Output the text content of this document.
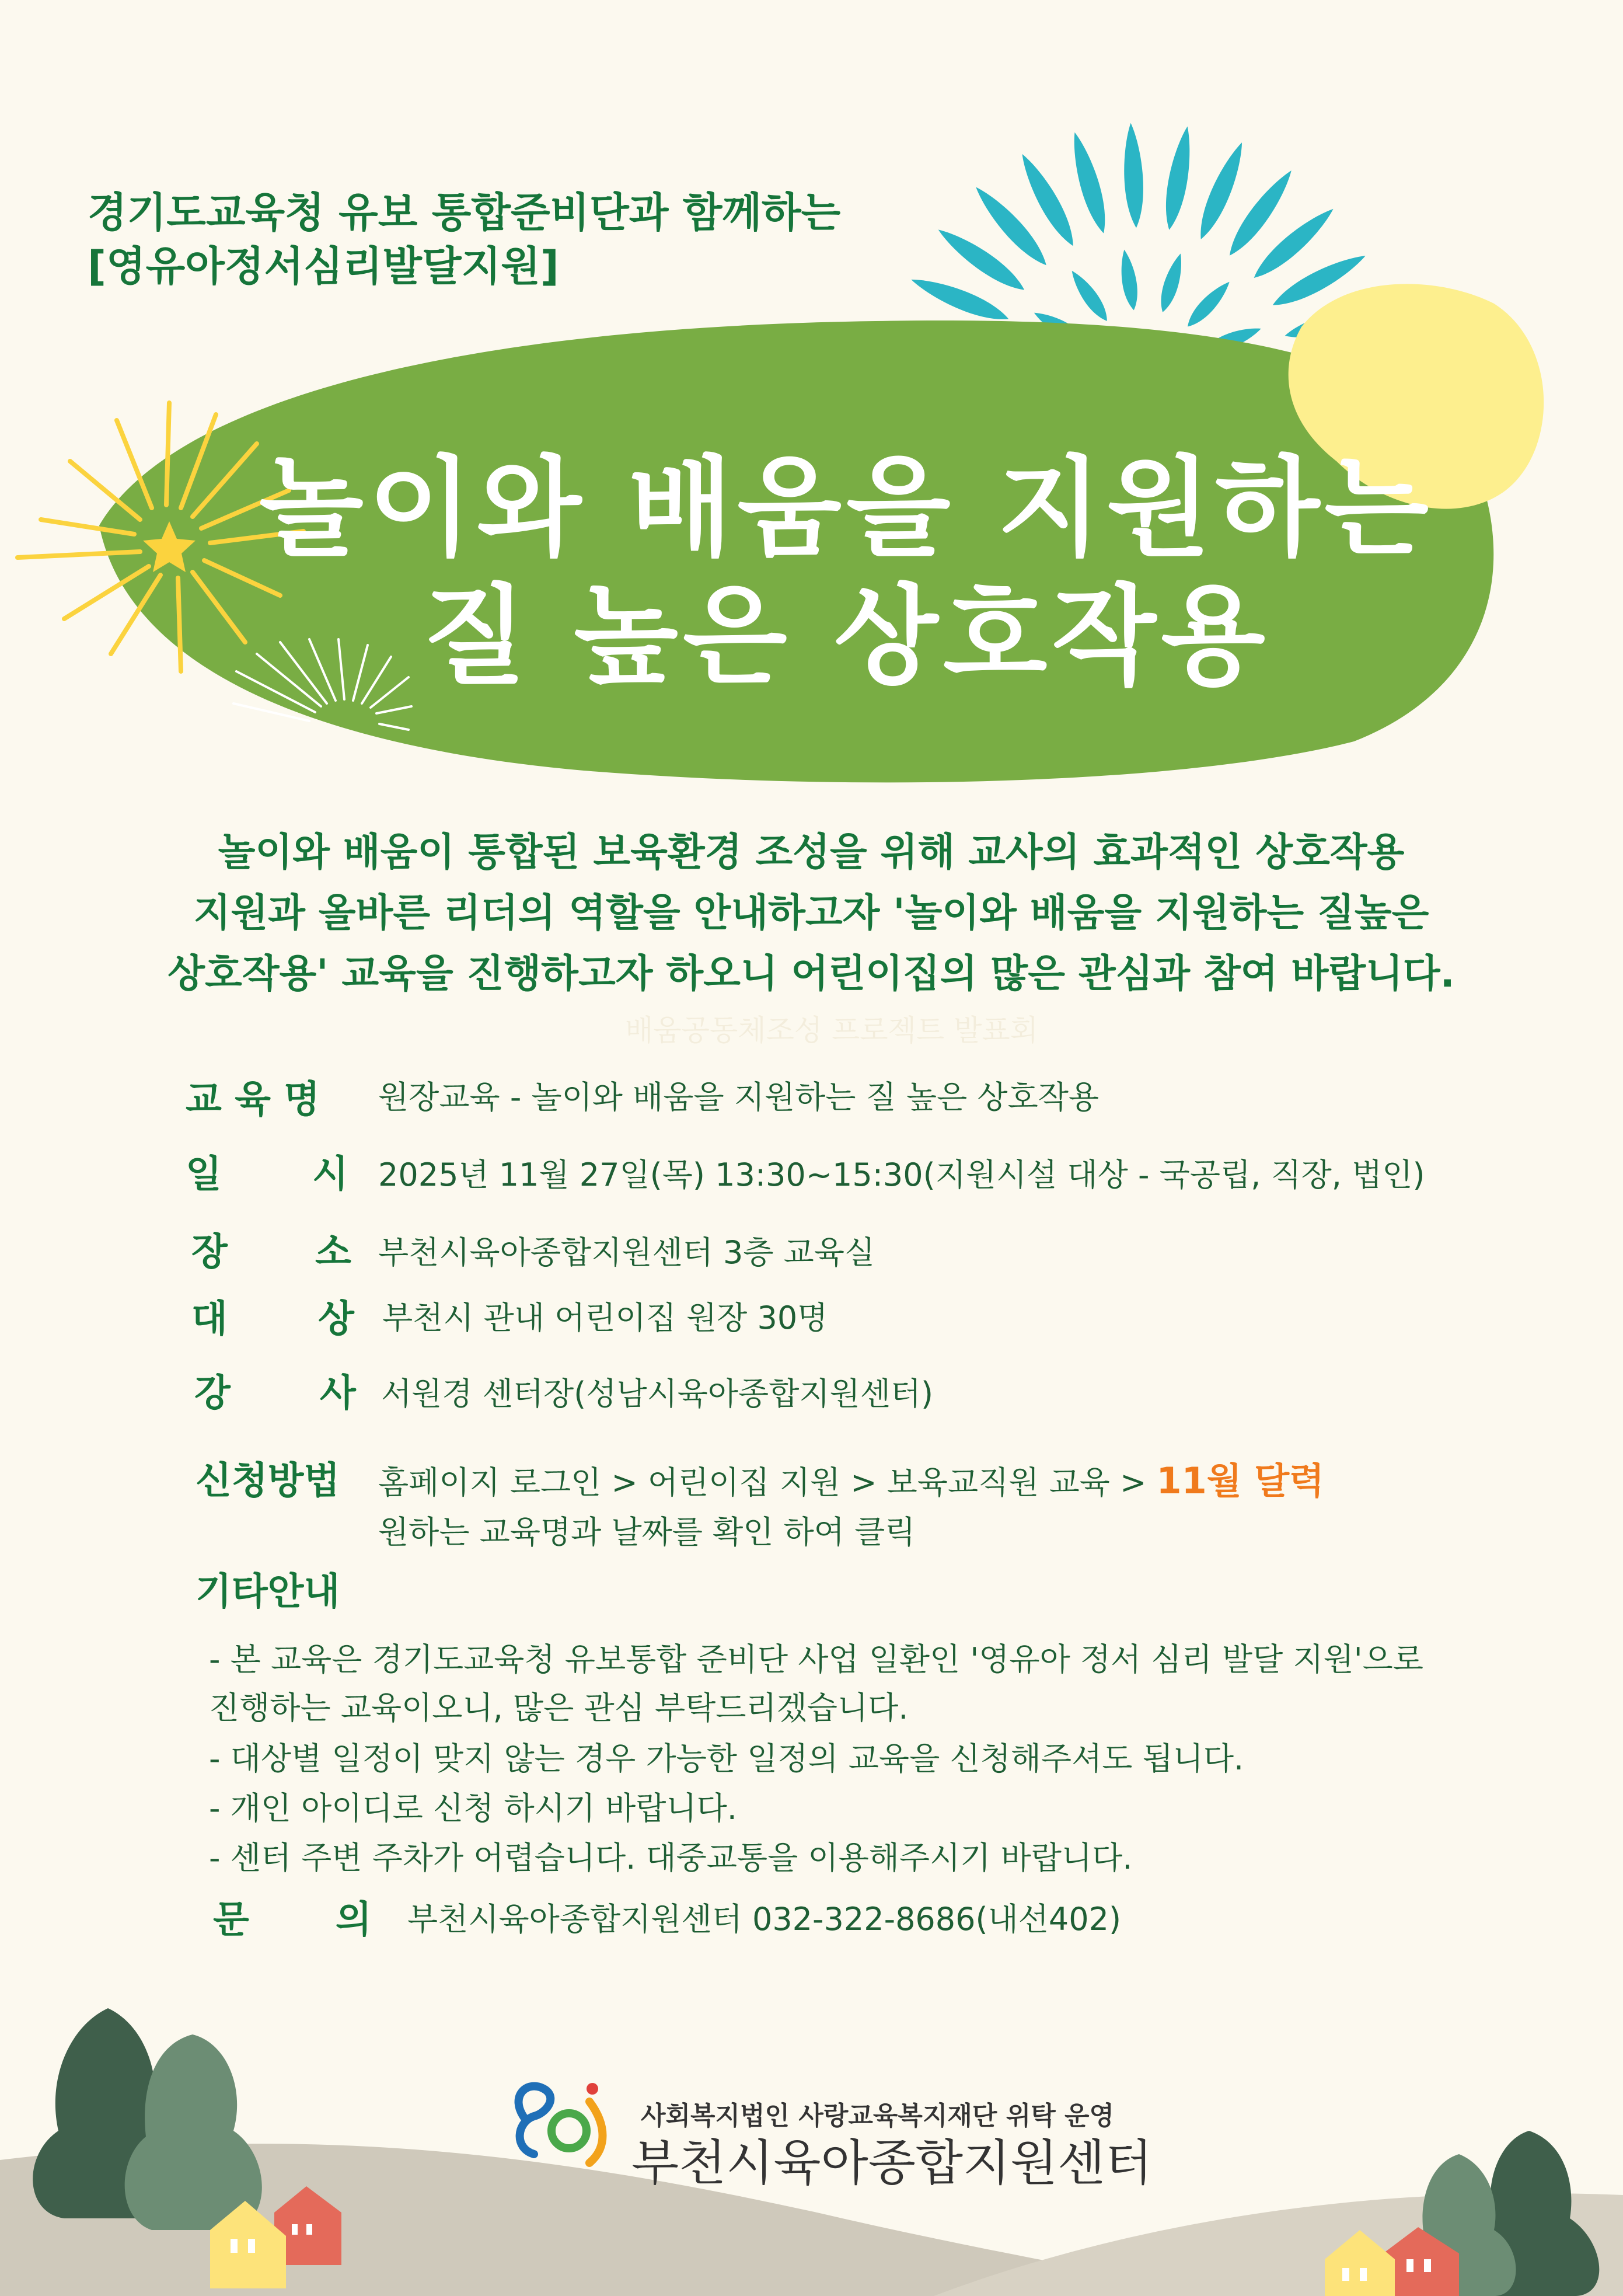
경기도교육청 유보 통합준비단과 함께하는
[영유아정서심리발달지원]
놀이와 배움을 지원하는
질 높은 상호작용
놀이와 배움이 통합된 보육환경 조성을 위해 교사의 효과적인 상호작용
지원과 올바른 리더의 역할을 안내하고자 '놀이와 배움을 지원하는 질높은
상호작용' 교육을 진행하고자 하오니 어린이집의 많은 관심과 참여 바랍니다.
배움공동체조성 프로젝트 발표회
교 육 명 원장교육 - 놀이와 배움을 지원하는 질 높은 상호작용
일 시 2025년 11월 27일(목) 13:30~15:30(지원시설 대상 - 국공립, 직장, 법인)
장 소 부천시육아종합지원센터 3층 교육실
대 상 부천시 관내 어린이집 원장 30명
강 사 서원경 센터장(성남시육아종합지원센터)
신청방법 홈페이지 로그인 > 어린이집 지원 > 보육교직원 교육 > 11월 달력
원하는 교육명과 날짜를 확인 하여 클릭
기타안내
- 본 교육은 경기도교육청 유보통합 준비단 사업 일환인 '영유아 정서 심리 발달 지원'으로
진행하는 교육이오니, 많은 관심 부탁드리겠습니다.
- 대상별 일정이 맞지 않는 경우 가능한 일정의 교육을 신청해주셔도 됩니다.
- 개인 아이디로 신청 하시기 바랍니다.
- 센터 주변 주차가 어렵습니다. 대중교통을 이용해주시기 바랍니다.
문 의 부천시육아종합지원센터 032-322-8686(내선402)
사회복지법인 사랑교육복지재단 위탁 운영
부천시육아종합지원센터
